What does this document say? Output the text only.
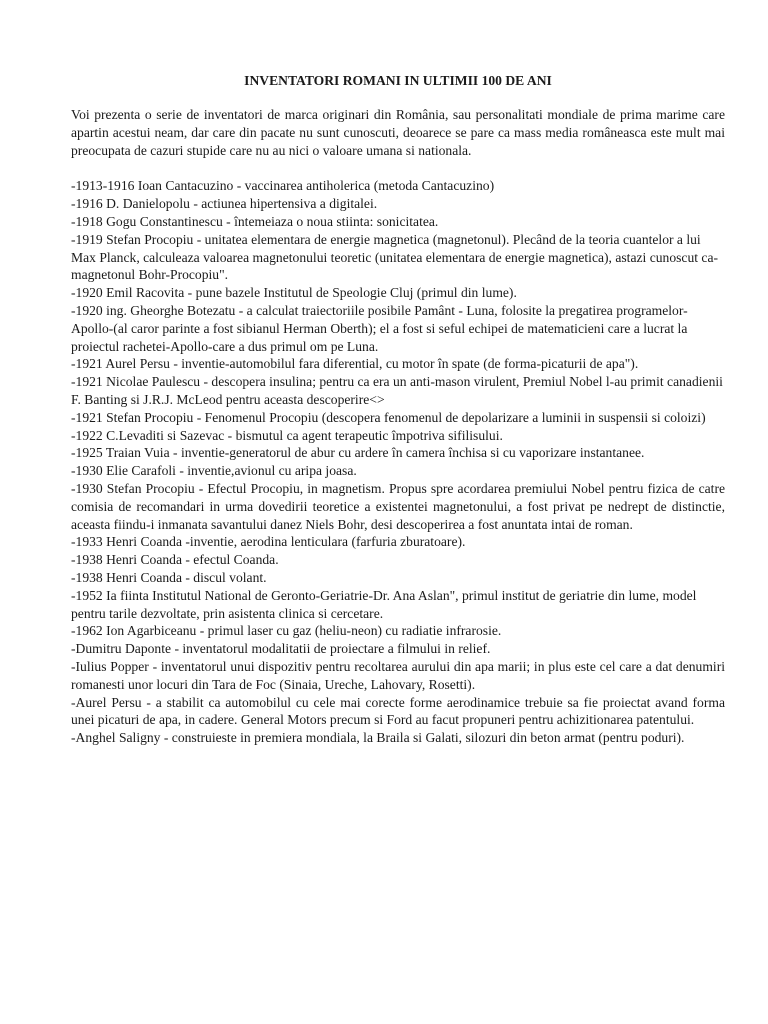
INVENTATORI ROMANI IN ULTIMII 100 DE ANI

Voi prezenta o serie de inventatori de marca originari din România, sau personalitati mondiale de prima marime care apartin acestui neam, dar care din pacate nu sunt cunoscuti, deoarece se pare ca mass media româneasca este mult mai preocupata de cazuri stupide care nu au nici o valoare umana si nationala.

-1913-1916 Ioan Cantacuzino - vaccinarea antiholerica (metoda Cantacuzino)

-1916 D. Danielopolu - actiunea hipertensiva a digitalei.

-1918 Gogu Constantinescu - întemeiaza o noua stiinta: sonicitatea.

-1919 Stefan Procopiu - unitatea elementara de energie magnetica (magnetonul). Plecând de la teoria cuantelor a lui Max Planck, calculeaza valoarea magnetonului teoretic (unitatea elementara de energie magnetica), astazi cunoscut ca-magnetonul Bohr-Procopiu".

-1920 Emil Racovita - pune bazele Institutul de Speologie Cluj (primul din lume).

-1920 ing. Gheorghe Botezatu - a calculat traiectoriile posibile Pamânt - Luna, folosite la pregatirea programelor-Apollo-(al caror parinte a fost sibianul Herman Oberth); el a fost si seful echipei de matematicieni care a lucrat la proiectul rachetei-Apollo-care a dus primul om pe Luna.

-1921 Aurel Persu - inventie-automobilul fara diferential, cu motor în spate (de forma-picaturii de apa").

-1921 Nicolae Paulescu - descopera insulina; pentru ca era un anti-mason virulent, Premiul Nobel l-au primit canadienii F. Banting si J.R.J. McLeod pentru aceasta descoperire<>

-1921 Stefan Procopiu - Fenomenul Procopiu (descopera fenomenul de depolarizare a luminii in suspensii si coloizi)

-1922 C.Levaditi si Sazevac - bismutul ca agent terapeutic împotriva sifilisului.

-1925 Traian Vuia - inventie-generatorul de abur cu ardere în camera închisa si cu vaporizare instantanee.

-1930 Elie Carafoli - inventie,avionul cu aripa joasa.

-1930 Stefan Procopiu - Efectul Procopiu, in magnetism. Propus spre acordarea premiului Nobel pentru fizica de catre comisia de recomandari in urma dovedirii teoretice a existentei magnetonului, a fost privat pe nedrept de distinctie, aceasta fiindu-i inmanata savantului danez Niels Bohr, desi descoperirea a fost anuntata intai de roman.

-1933 Henri Coanda -inventie, aerodina lenticulara (farfuria zburatoare).

-1938 Henri Coanda - efectul Coanda.

-1938 Henri Coanda - discul volant.

-1952 Ia fiinta Institutul National de Geronto-Geriatrie-Dr. Ana Aslan", primul institut de geriatrie din lume, model pentru tarile dezvoltate, prin asistenta clinica si cercetare.

-1962 Ion Agarbiceanu - primul laser cu gaz (heliu-neon) cu radiatie infrarosie.

-Dumitru Daponte - inventatorul modalitatii de proiectare a filmului in relief.

-Iulius Popper - inventatorul unui dispozitiv pentru recoltarea aurului din apa marii; in plus este cel care a dat denumiri romanesti unor locuri din Tara de Foc (Sinaia, Ureche, Lahovary, Rosetti).

-Aurel Persu - a stabilit ca automobilul cu cele mai corecte forme aerodinamice trebuie sa fie proiectat avand forma unei picaturi de apa, in cadere. General Motors precum si Ford au facut propuneri pentru achizitionarea patentului.

-Anghel Saligny - construieste in premiera mondiala, la Braila si Galati, silozuri din beton armat (pentru poduri).
